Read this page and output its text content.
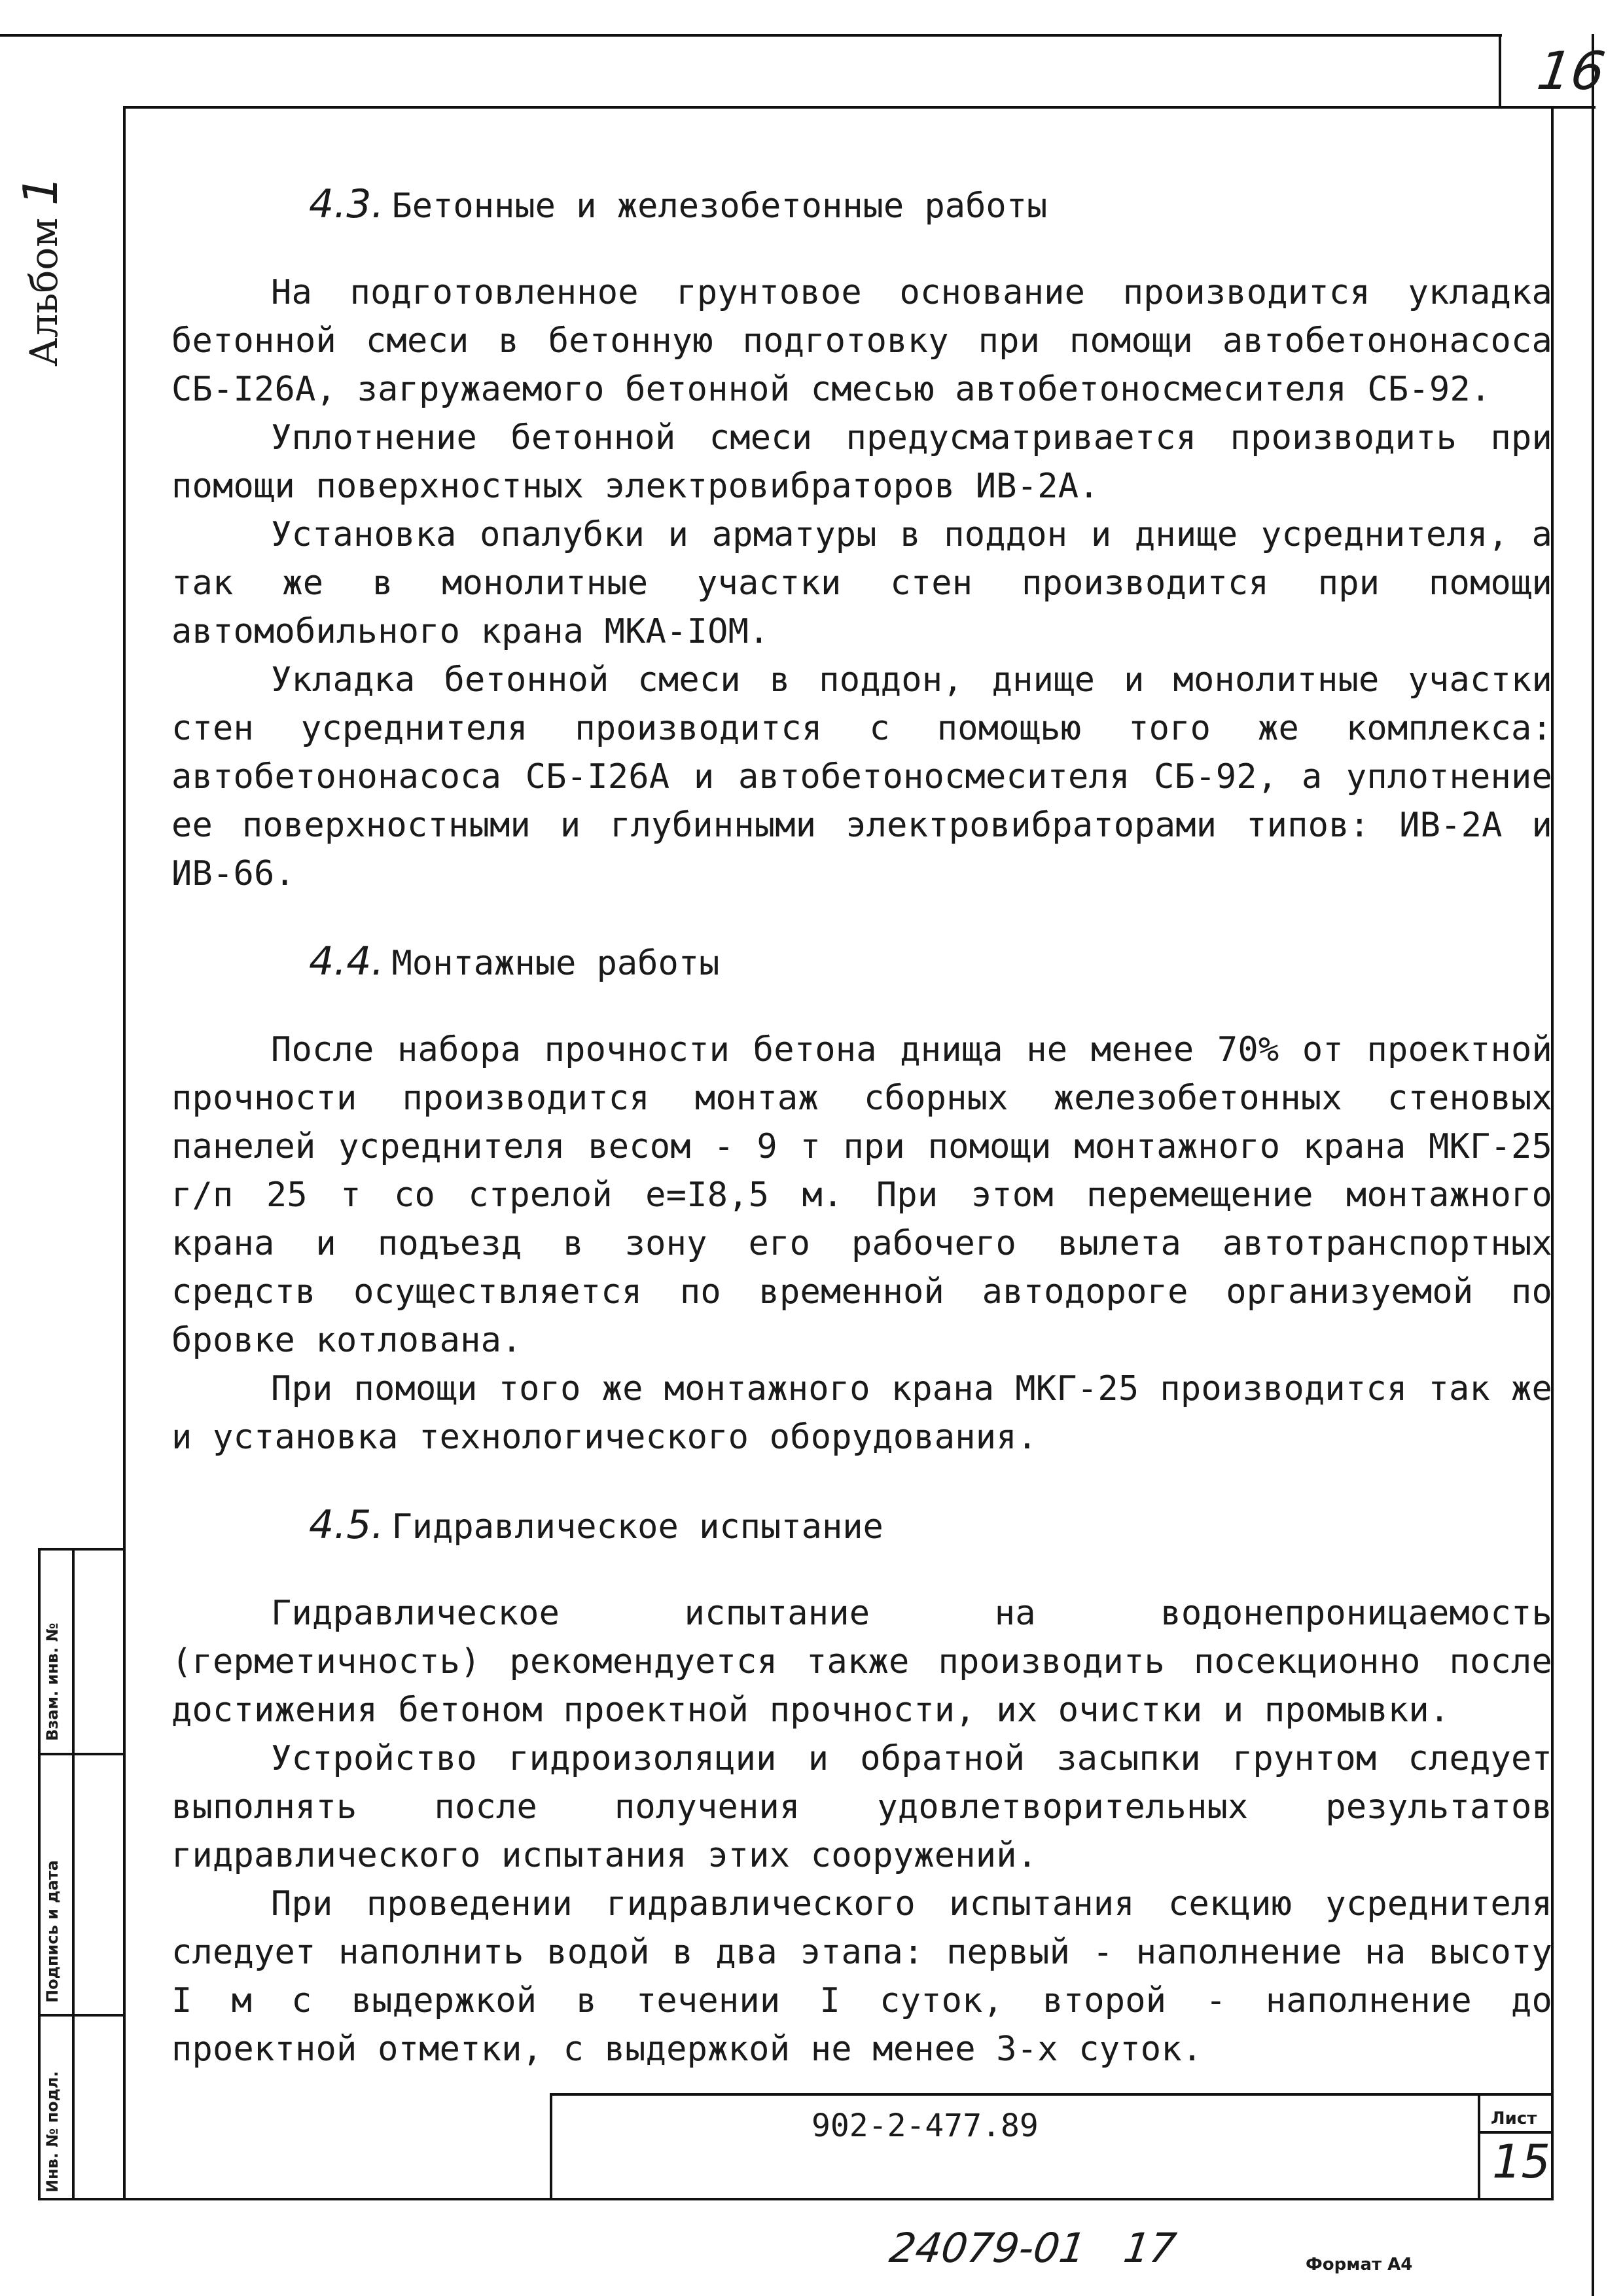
16
Альбом 1
Взам. инв. №
Подпись и дата
Инв. № подл.
4.3. Бетонные и железобетонные работы

На подготовленное грунтовое основание производится укладка бетонной смеси в бетонную подготовку при помощи автобетононасоса СБ-I26А, загружаемого бетонной смесью автобетоносмесителя СБ-92.

Уплотнение бетонной смеси предусматривается производить при помощи поверхностных электровибраторов ИВ-2А.

Установка опалубки и арматуры в поддон и днище усреднителя, а так же в монолитные участки стен производится при помощи автомобильного крана МКА-IOM.

Укладка бетонной смеси в поддон, днище и монолитные участки стен усреднителя производится с помощью того же комплекса: автобетононасоса СБ-I26А и автобетоносмесителя СБ-92, а уплотнение ее поверхностными и глубинными электровибраторами типов: ИВ-2А и ИВ-66.

4.4. Монтажные работы

После набора прочности бетона днища не менее 70% от проектной прочности производится монтаж сборных железобетонных стеновых панелей усреднителя весом - 9 т при помощи монтажного крана МКГ-25 г/п 25 т со стрелой е=I8,5 м. При этом перемещение монтажного крана и подъезд в зону его рабочего вылета автотранспортных средств осуществляется по временной автодороге организуемой по бровке котлована.

При помощи того же монтажного крана МКГ-25 производится так же и установка технологического оборудования.

4.5. Гидравлическое испытание

Гидравлическое испытание на водонепроницаемость (герметичность) рекомендуется также производить посекционно после достижения бетоном проектной прочности, их очистки и промывки.

Устройство гидроизоляции и обратной засыпки грунтом следует выполнять после получения удовлетворительных результатов гидравлического испытания этих сооружений.

При проведении гидравлического испытания секцию усреднителя следует наполнить водой в два этапа: первый - наполнение на высоту I м с выдержкой в течении I суток, второй - наполнение до проектной отметки, с выдержкой не менее 3-х суток.

902-2-477.89	Лист
15
24079-01   17	Формат А4
